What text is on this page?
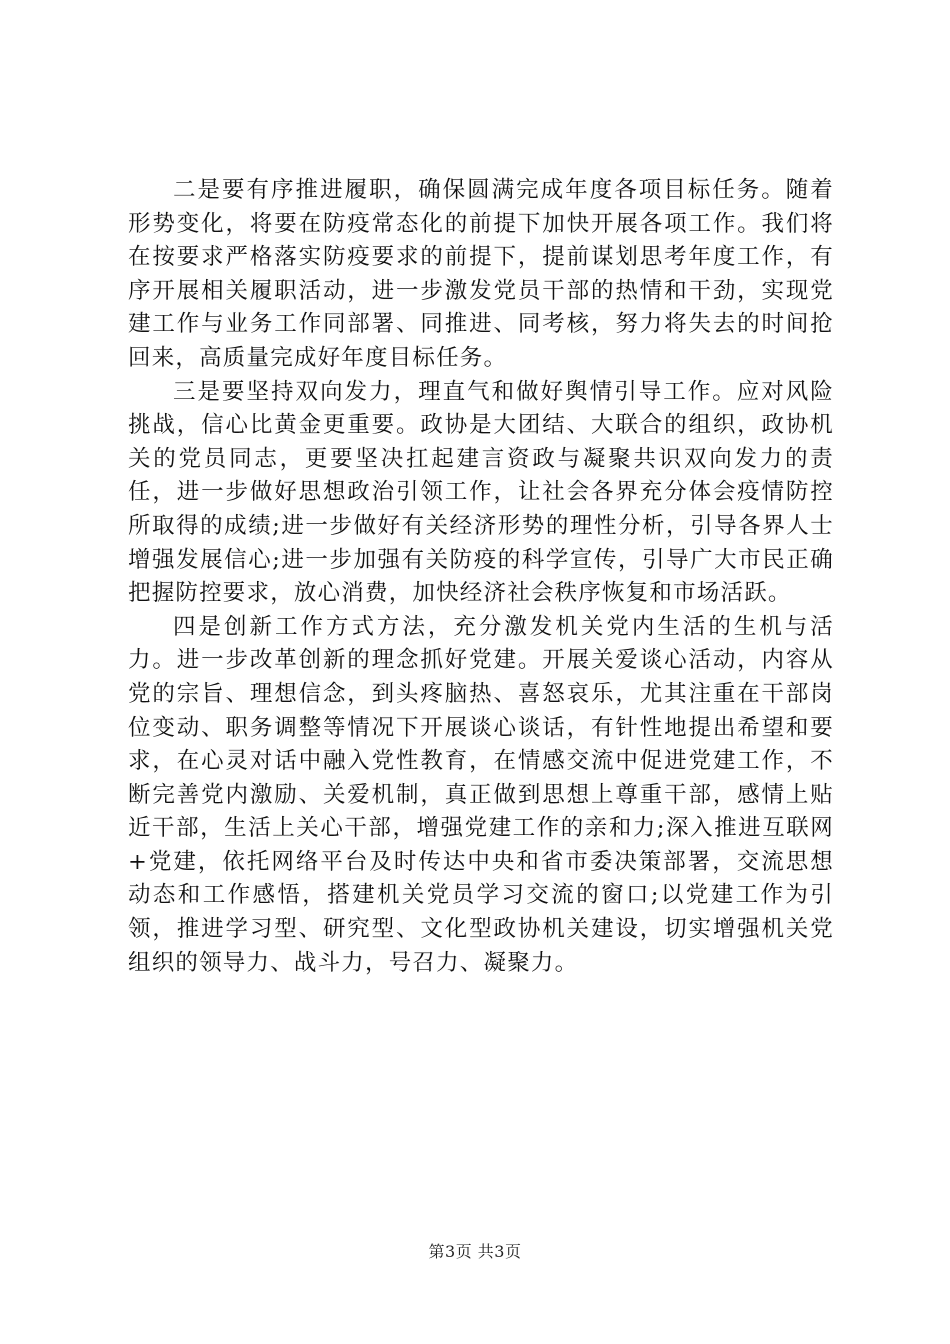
二是要有序推进履职，确保圆满完成年度各项目标任务。随着形势变化，将要在防疫常态化的前提下加快开展各项工作。我们将在按要求严格落实防疫要求的前提下，提前谋划思考年度工作，有序开展相关履职活动，进一步激发党员干部的热情和干劲，实现党建工作与业务工作同部署、同推进、同考核，努力将失去的时间抢回来，高质量完成好年度目标任务。

三是要坚持双向发力，理直气和做好舆情引导工作。应对风险挑战，信心比黄金更重要。政协是大团结、大联合的组织，政协机关的党员同志，更要坚决扛起建言资政与凝聚共识双向发力的责任，进一步做好思想政治引领工作，让社会各界充分体会疫情防控所取得的成绩;进一步做好有关经济形势的理性分析，引导各界人士增强发展信心;进一步加强有关防疫的科学宣传，引导广大市民正确把握防控要求，放心消费，加快经济社会秩序恢复和市场活跃。

四是创新工作方式方法，充分激发机关党内生活的生机与活力。进一步改革创新的理念抓好党建。开展关爱谈心活动，内容从党的宗旨、理想信念，到头疼脑热、喜怒哀乐，尤其注重在干部岗位变动、职务调整等情况下开展谈心谈话，有针性地提出希望和要求，在心灵对话中融入党性教育，在情感交流中促进党建工作，不断完善党内激励、关爱机制，真正做到思想上尊重干部，感情上贴近干部，生活上关心干部，增强党建工作的亲和力;深入推进互联网+党建，依托网络平台及时传达中央和省市委决策部署，交流思想动态和工作感悟，搭建机关党员学习交流的窗口;以党建工作为引领，推进学习型、研究型、文化型政协机关建设，切实增强机关党组织的领导力、战斗力，号召力、凝聚力。

第3页 共3页
